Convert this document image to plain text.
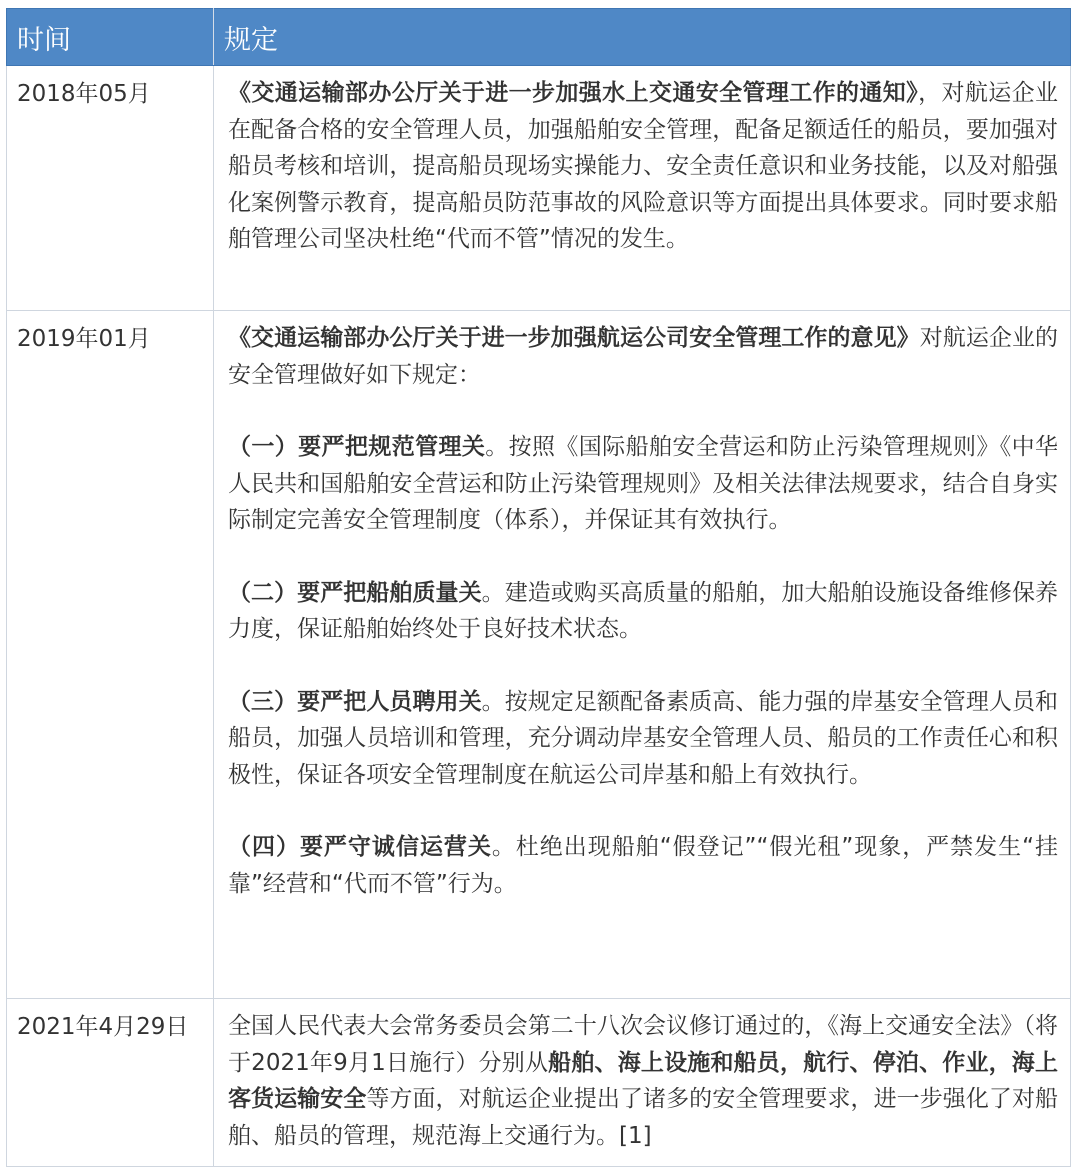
时间	规定
2018年05月	《交通运输部办公厅关于进一步加强水上交通安全管理工作的通知》，对航运企业在配备合格的安全管理人员，加强船舶安全管理，配备足额适任的船员，要加强对船员考核和培训，提高船员现场实操能力、安全责任意识和业务技能，以及对船强化案例警示教育，提高船员防范事故的风险意识等方面提出具体要求。同时要求船舶管理公司坚决杜绝“代而不管”情况的发生。

2019年01月	《交通运输部办公厅关于进一步加强航运公司安全管理工作的意见》对航运企业的安全管理做好如下规定：

（一）要严把规范管理关。按照《国际船舶安全营运和防止污染管理规则》《中华人民共和国船舶安全营运和防止污染管理规则》及相关法律法规要求，结合自身实际制定完善安全管理制度（体系），并保证其有效执行。

（二）要严把船舶质量关。建造或购买高质量的船舶，加大船舶设施设备维修保养力度，保证船舶始终处于良好技术状态。

（三）要严把人员聘用关。按规定足额配备素质高、能力强的岸基安全管理人员和船员，加强人员培训和管理，充分调动岸基安全管理人员、船员的工作责任心和积极性，保证各项安全管理制度在航运公司岸基和船上有效执行。

（四）要严守诚信运营关。杜绝出现船舶“假登记”“假光租”现象，严禁发生“挂靠”经营和“代而不管”行为。

2021年4月29日	全国人民代表大会常务委员会第二十八次会议修订通过的，《海上交通安全法》（将于2021年9月1日施行）分别从船舶、海上设施和船员，航行、停泊、作业，海上客货运输安全等方面，对航运企业提出了诸多的安全管理要求，进一步强化了对船舶、船员的管理，规范海上交通行为。[1]
